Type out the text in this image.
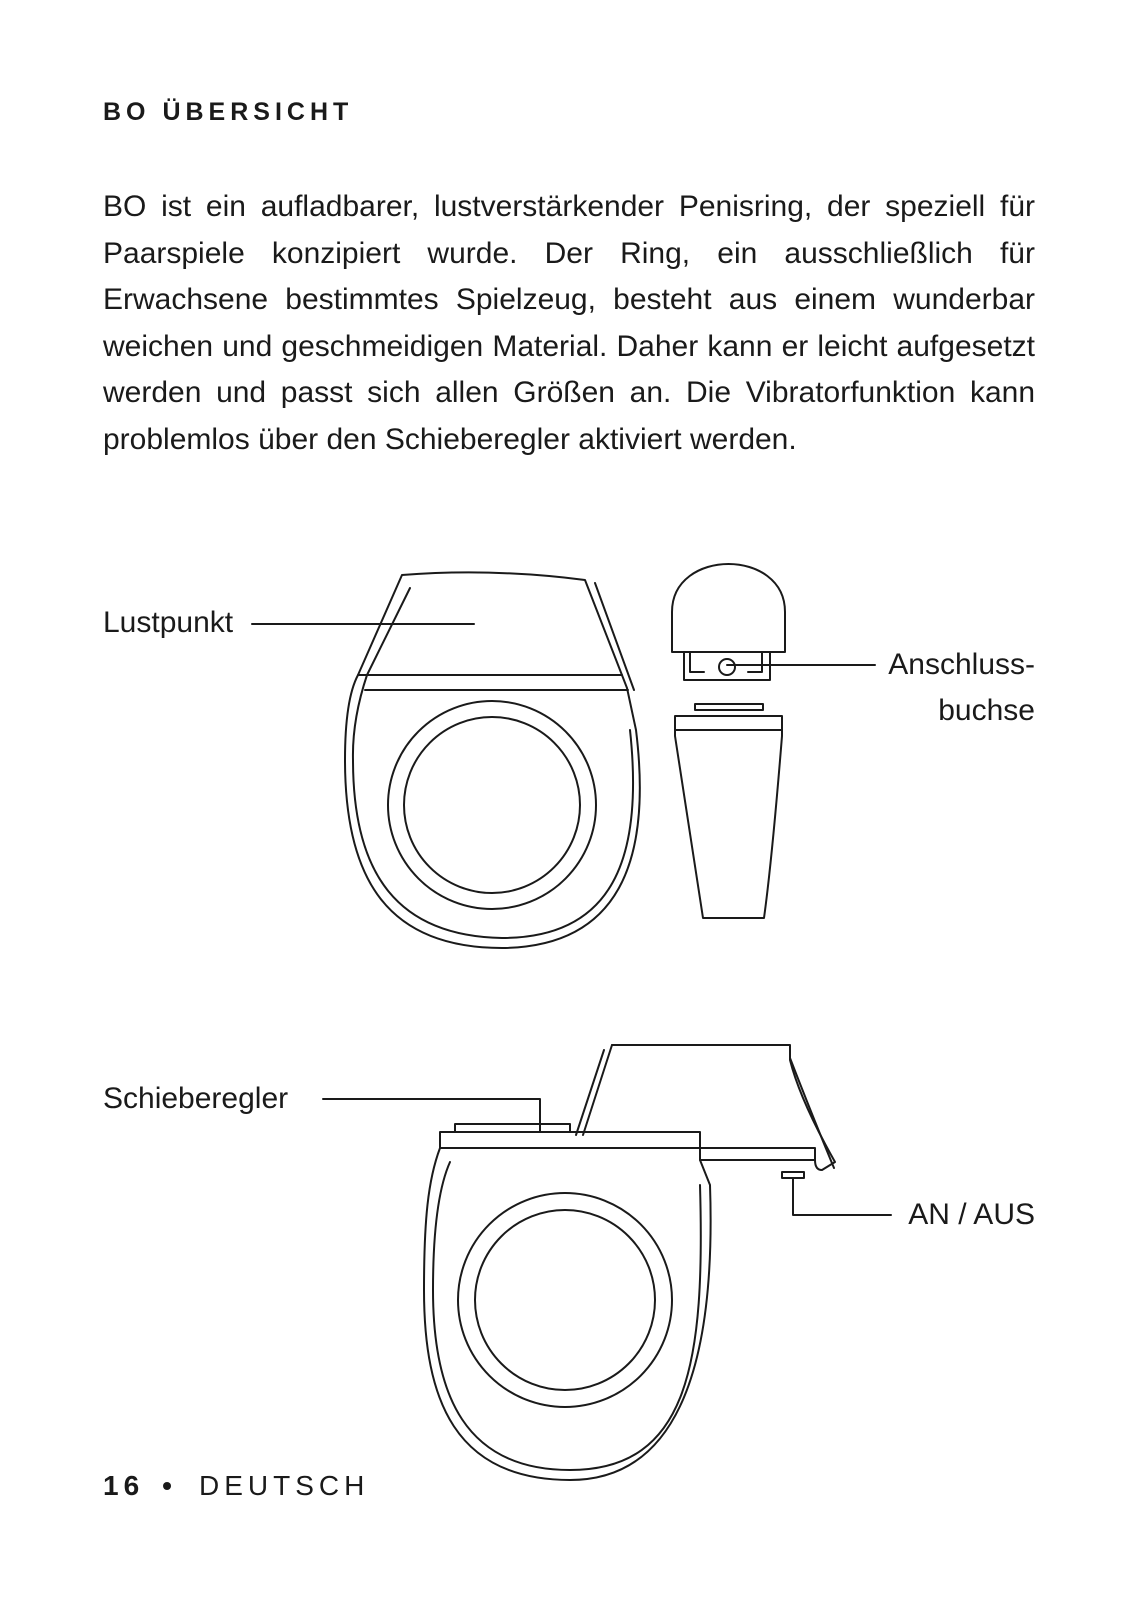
BO ÜBERSICHT

BO ist ein aufladbarer, lustverstärkender Penisring, der speziell für Paarspiele konzipiert wurde. Der Ring, ein ausschließlich für Erwachsene bestimmtes Spielzeug, besteht aus einem wunderbar weichen und geschmeidigen Material. Daher kann er leicht aufgesetzt werden und passt sich allen Größen an. Die Vibratorfunktion kann problemlos über den Schieberegler aktiviert werden.

Lustpunkt
Anschluss-
buchse
Schieberegler
AN / AUS
16 • DEUTSCH
